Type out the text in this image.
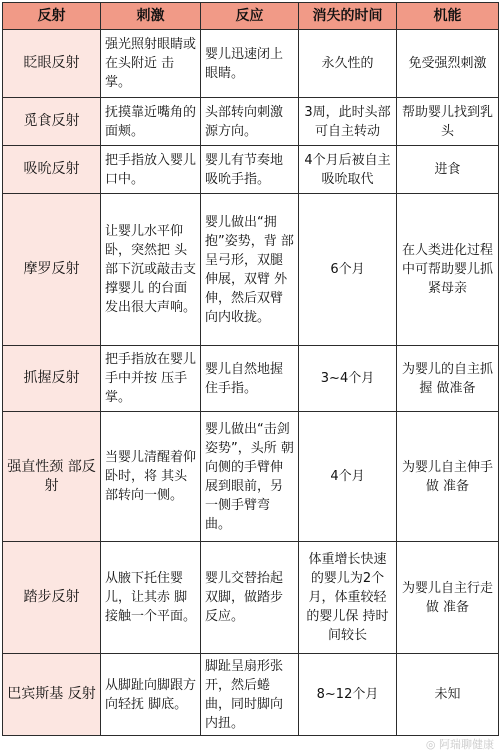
反射	刺激	反应	消失的时间	机能
眨眼反射	强光照射眼睛或在头附近 击掌。	婴儿迅速闭上眼睛。	永久性的	免受强烈刺激
觅食反射	抚摸靠近嘴角的面颊。	头部转向刺激源方向。	3周，此时头部可自主转动	帮助婴儿找到乳头
吸吮反射	把手指放入婴儿口中。	婴儿有节奏地吸吮手指。	4个月后被自主吸吮取代	进食
摩罗反射	让婴儿水平仰卧，突然把 头部下沉或敲击支撑婴儿 的台面发出很大声响。	婴儿做出“拥抱”姿势，背 部呈弓形，双腿伸展，双臂 外伸，然后双臂向内收拢。	6个月	在人类进化过程 中可帮助婴儿抓 紧母亲
抓握反射	把手指放在婴儿手中并按 压手掌。	婴儿自然地握住手指。	3~4个月	为婴儿的自主抓握 做准备
强直性颈 部反射	当婴儿清醒着仰卧时，将 其头部转向一侧。	婴儿做出“击剑姿势”，头所 朝向侧的手臂伸展到眼前，另一侧手臂弯曲。	4个月	为婴儿自主伸手做 准备
踏步反射	从腋下托住婴儿，让其赤 脚接触一个平面。	婴儿交替抬起双脚，做踏步 反应。	体重增长快速的婴儿为2个月，体重较轻的婴儿保 持时间较长	为婴儿自主行走做 准备
巴宾斯基 反射	从脚趾向脚跟方向轻抚 脚底。	脚趾呈扇形张开，然后蜷曲，同时脚向内扭。	8~12个月	未知
◎ 阿瑞聊健康
